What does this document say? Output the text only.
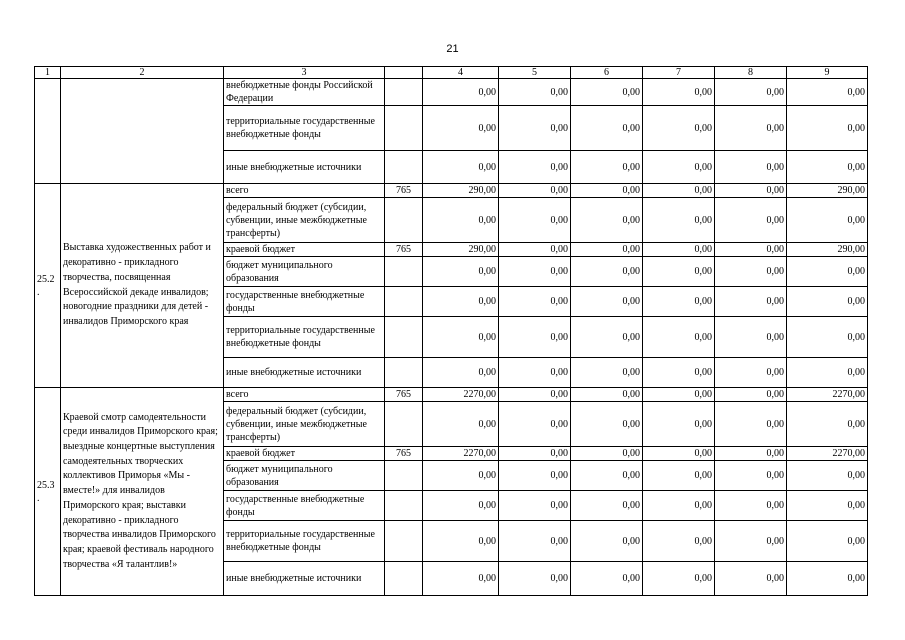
21
1	2	3		4	5	6	7	8	9
		внебюджетные фонды Российской Федерации		0,00	0,00	0,00	0,00	0,00	0,00
		территориальные государственные внебюджетные фонды		0,00	0,00	0,00	0,00	0,00	0,00
		иные внебюджетные источники		0,00	0,00	0,00	0,00	0,00	0,00
25.2 .	Выставка художественных работ и декоративно - прикладного творчества, посвященная Всероссийской декаде инвалидов; новогодние праздники для детей - инвалидов Приморского края	всего	765	290,00	0,00	0,00	0,00	0,00	290,00
		федеральный бюджет (субсидии, субвенции, иные межбюджетные трансферты)		0,00	0,00	0,00	0,00	0,00	0,00
		краевой бюджет	765	290,00	0,00	0,00	0,00	0,00	290,00
		бюджет муниципального образования		0,00	0,00	0,00	0,00	0,00	0,00
		государственные внебюджетные фонды		0,00	0,00	0,00	0,00	0,00	0,00
		территориальные государственные внебюджетные фонды		0,00	0,00	0,00	0,00	0,00	0,00
		иные внебюджетные источники		0,00	0,00	0,00	0,00	0,00	0,00
25.3 .	Краевой смотр самодеятельности среди инвалидов Приморского края; выездные концертные выступления самодеятельных творческих коллективов Приморья «Мы - вместе!» для инвалидов Приморского края; выставки декоративно - прикладного творчества инвалидов Приморского края; краевой фестиваль народного творчества «Я талантлив!»	всего	765	2270,00	0,00	0,00	0,00	0,00	2270,00
		федеральный бюджет (субсидии, субвенции, иные межбюджетные трансферты)		0,00	0,00	0,00	0,00	0,00	0,00
		краевой бюджет	765	2270,00	0,00	0,00	0,00	0,00	2270,00
		бюджет муниципального образования		0,00	0,00	0,00	0,00	0,00	0,00
		государственные внебюджетные фонды		0,00	0,00	0,00	0,00	0,00	0,00
		территориальные государственные внебюджетные фонды		0,00	0,00	0,00	0,00	0,00	0,00
		иные внебюджетные источники		0,00	0,00	0,00	0,00	0,00	0,00
